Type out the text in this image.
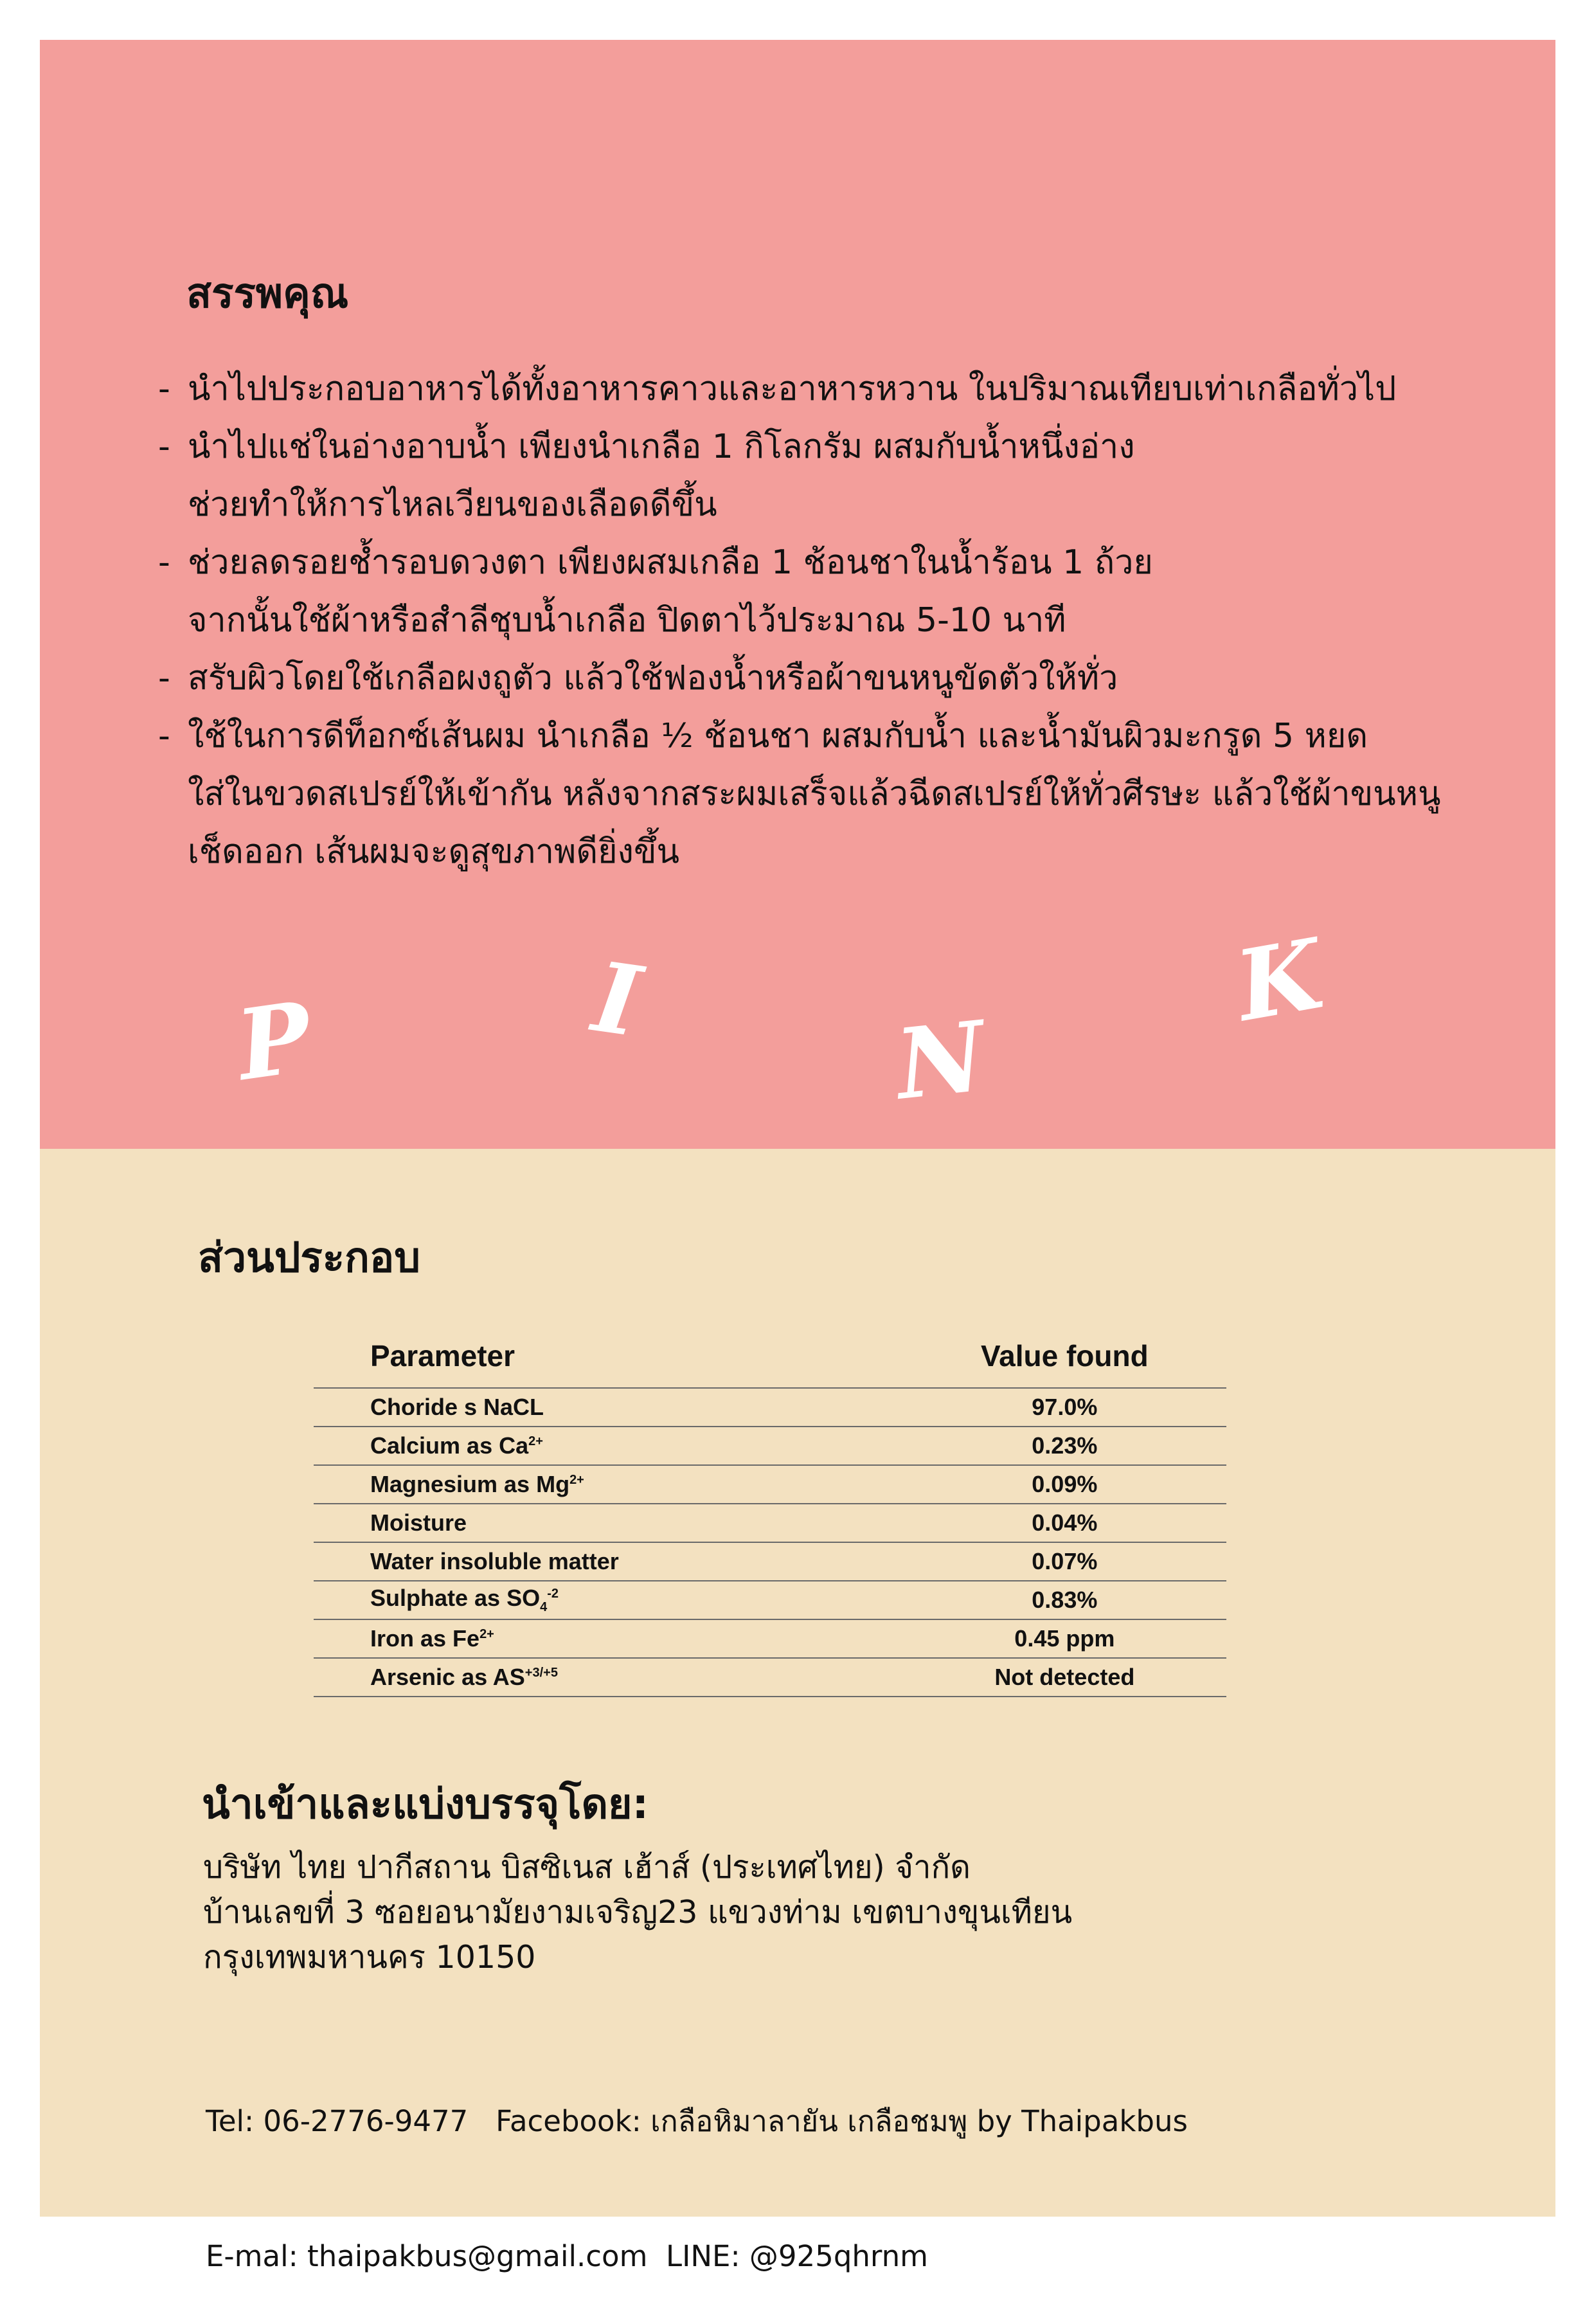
สรรพคุณ
- นำไปประกอบอาหารได้ทั้งอาหารคาวและอาหารหวาน ในปริมาณเทียบเท่าเกลือทั่วไป
- นำไปแช่ในอ่างอาบน้ำ เพียงนำเกลือ 1 กิโลกรัม ผสมกับน้ำหนึ่งอ่าง
ช่วยทำให้การไหลเวียนของเลือดดีขึ้น
- ช่วยลดรอยช้ำรอบดวงตา เพียงผสมเกลือ 1 ช้อนชาในน้ำร้อน 1 ถ้วย
จากนั้นใช้ผ้าหรือสำลีชุบน้ำเกลือ ปิดตาไว้ประมาณ 5-10 นาที
- สรับผิวโดยใช้เกลือผงถูตัว แล้วใช้ฟองน้ำหรือผ้าขนหนูขัดตัวให้ทั่ว
- ใช้ในการดีท็อกซ์เส้นผม นำเกลือ ½ ช้อนชา ผสมกับน้ำ และน้ำมันผิวมะกรูด 5 หยด
ใส่ในขวดสเปรย์ให้เข้ากัน หลังจากสระผมเสร็จแล้วฉีดสเปรย์ให้ทั่วศีรษะ แล้วใช้ผ้าขนหนู
เช็ดออก เส้นผมจะดูสุขภาพดียิ่งขึ้น
P	I
N
K
ส่วนประกอบ
Parameter	Value found
Choride s NaCL	97.0%
Calcium as $Ca^{2+}$	0.23%
Magnesium as $Mg^{2+}$	0.09%
Moisture	0.04%
Water insoluble matter	0.07%
Sulphate as $SO_4^{-2}$	0.83%
Iron as $Fe^{2+}$	0.45 ppm
Arsenic as $AS^{+3/+5}$	Not detected
นำเข้าและแบ่งบรรจุโดย:
บริษัท ไทย ปากีสถาน บิสซิเนส เฮ้าส์ (ประเทศไทย) จำกัด
บ้านเลขที่ 3 ซอยอนามัยงามเจริญ23 แขวงท่าม เขตบางขุนเทียน
กรุงเทพมหานคร 10150

Tel: 06-2776-9477   Facebook: เกลือหิมาลายัน เกลือชมพู by Thaipakbus

E-mal: thaipakbus@gmail.com  LINE: @925qhrnm
